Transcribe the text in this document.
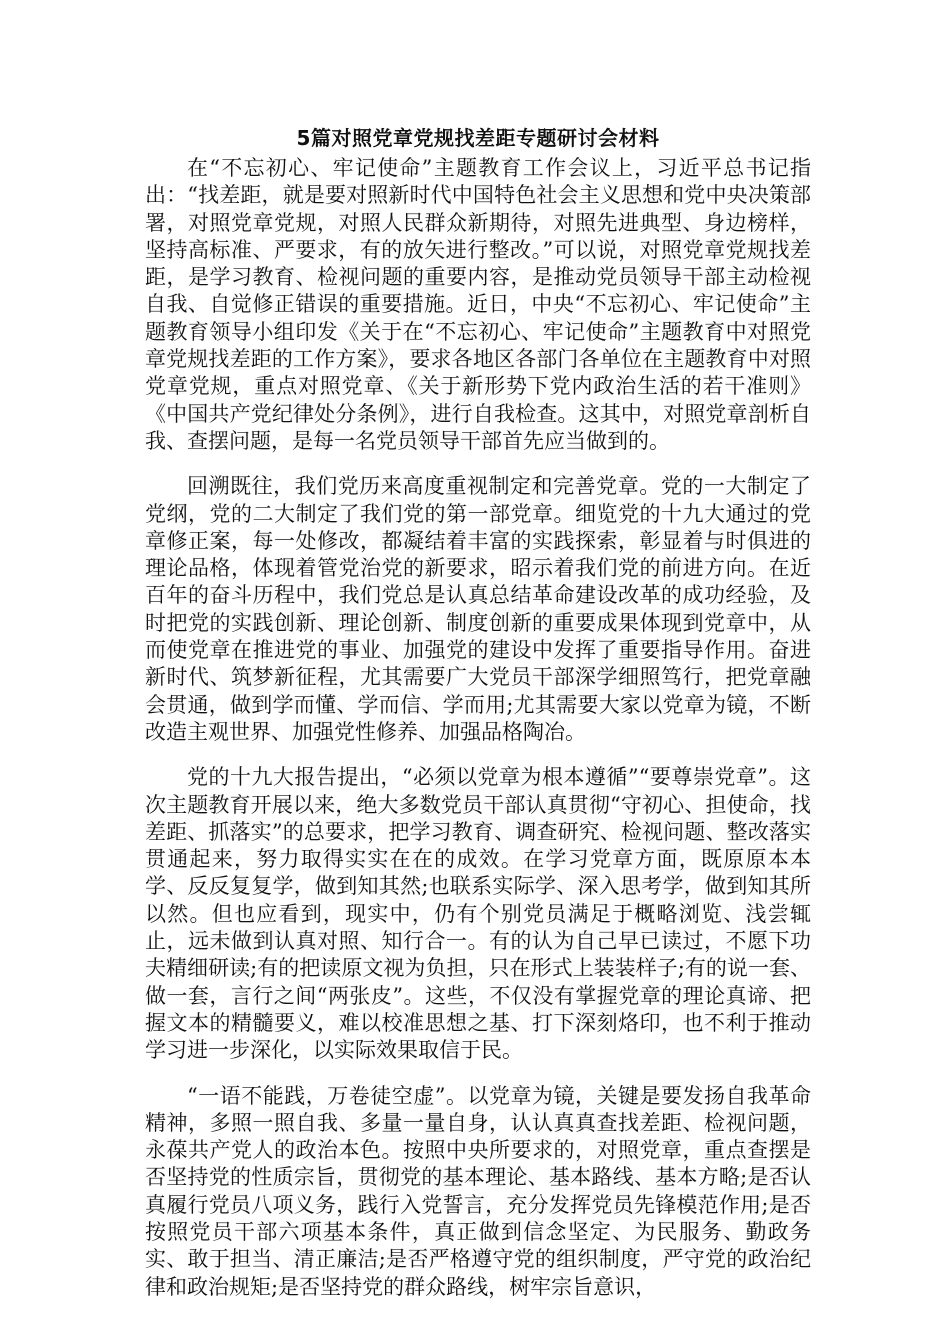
5篇对照党章党规找差距专题研讨会材料

在“不忘初心、牢记使命”主题教育工作会议上，习近平总书记指出：“找差距，就是要对照新时代中国特色社会主义思想和党中央决策部署，对照党章党规，对照人民群众新期待，对照先进典型、身边榜样，坚持高标准、严要求，有的放矢进行整改。”可以说，对照党章党规找差距，是学习教育、检视问题的重要内容，是推动党员领导干部主动检视自我、自觉修正错误的重要措施。近日，中央“不忘初心、牢记使命”主题教育领导小组印发《关于在“不忘初心、牢记使命”主题教育中对照党章党规找差距的工作方案》，要求各地区各部门各单位在主题教育中对照党章党规，重点对照党章、《关于新形势下党内政治生活的若干准则》《中国共产党纪律处分条例》，进行自我检查。这其中，对照党章剖析自我、查摆问题，是每一名党员领导干部首先应当做到的。

回溯既往，我们党历来高度重视制定和完善党章。党的一大制定了党纲，党的二大制定了我们党的第一部党章。细览党的十九大通过的党章修正案，每一处修改，都凝结着丰富的实践探索，彰显着与时俱进的理论品格，体现着管党治党的新要求，昭示着我们党的前进方向。在近百年的奋斗历程中，我们党总是认真总结革命建设改革的成功经验，及时把党的实践创新、理论创新、制度创新的重要成果体现到党章中，从而使党章在推进党的事业、加强党的建设中发挥了重要指导作用。奋进新时代、筑梦新征程，尤其需要广大党员干部深学细照笃行，把党章融会贯通，做到学而懂、学而信、学而用;尤其需要大家以党章为镜，不断改造主观世界、加强党性修养、加强品格陶冶。

党的十九大报告提出，“必须以党章为根本遵循”“要尊崇党章”。这次主题教育开展以来，绝大多数党员干部认真贯彻“守初心、担使命，找差距、抓落实”的总要求，把学习教育、调查研究、检视问题、整改落实贯通起来，努力取得实实在在的成效。在学习党章方面，既原原本本学、反反复复学，做到知其然;也联系实际学、深入思考学，做到知其所以然。但也应看到，现实中，仍有个别党员满足于概略浏览、浅尝辄止，远未做到认真对照、知行合一。有的认为自己早已读过，不愿下功夫精细研读;有的把读原文视为负担，只在形式上装装样子;有的说一套、做一套，言行之间“两张皮”。这些，不仅没有掌握党章的理论真谛、把握文本的精髓要义，难以校准思想之基、打下深刻烙印，也不利于推动学习进一步深化，以实际效果取信于民。

“一语不能践，万卷徒空虚”。以党章为镜，关键是要发扬自我革命精神，多照一照自我、多量一量自身，认认真真查找差距、检视问题，永葆共产党人的政治本色。按照中央所要求的，对照党章，重点查摆是否坚持党的性质宗旨，贯彻党的基本理论、基本路线、基本方略;是否认真履行党员八项义务，践行入党誓言，充分发挥党员先锋模范作用;是否按照党员干部六项基本条件，真正做到信念坚定、为民服务、勤政务实、敢于担当、清正廉洁;是否严格遵守党的组织制度，严守党的政治纪律和政治规矩;是否坚持党的群众路线，树牢宗旨意识，
